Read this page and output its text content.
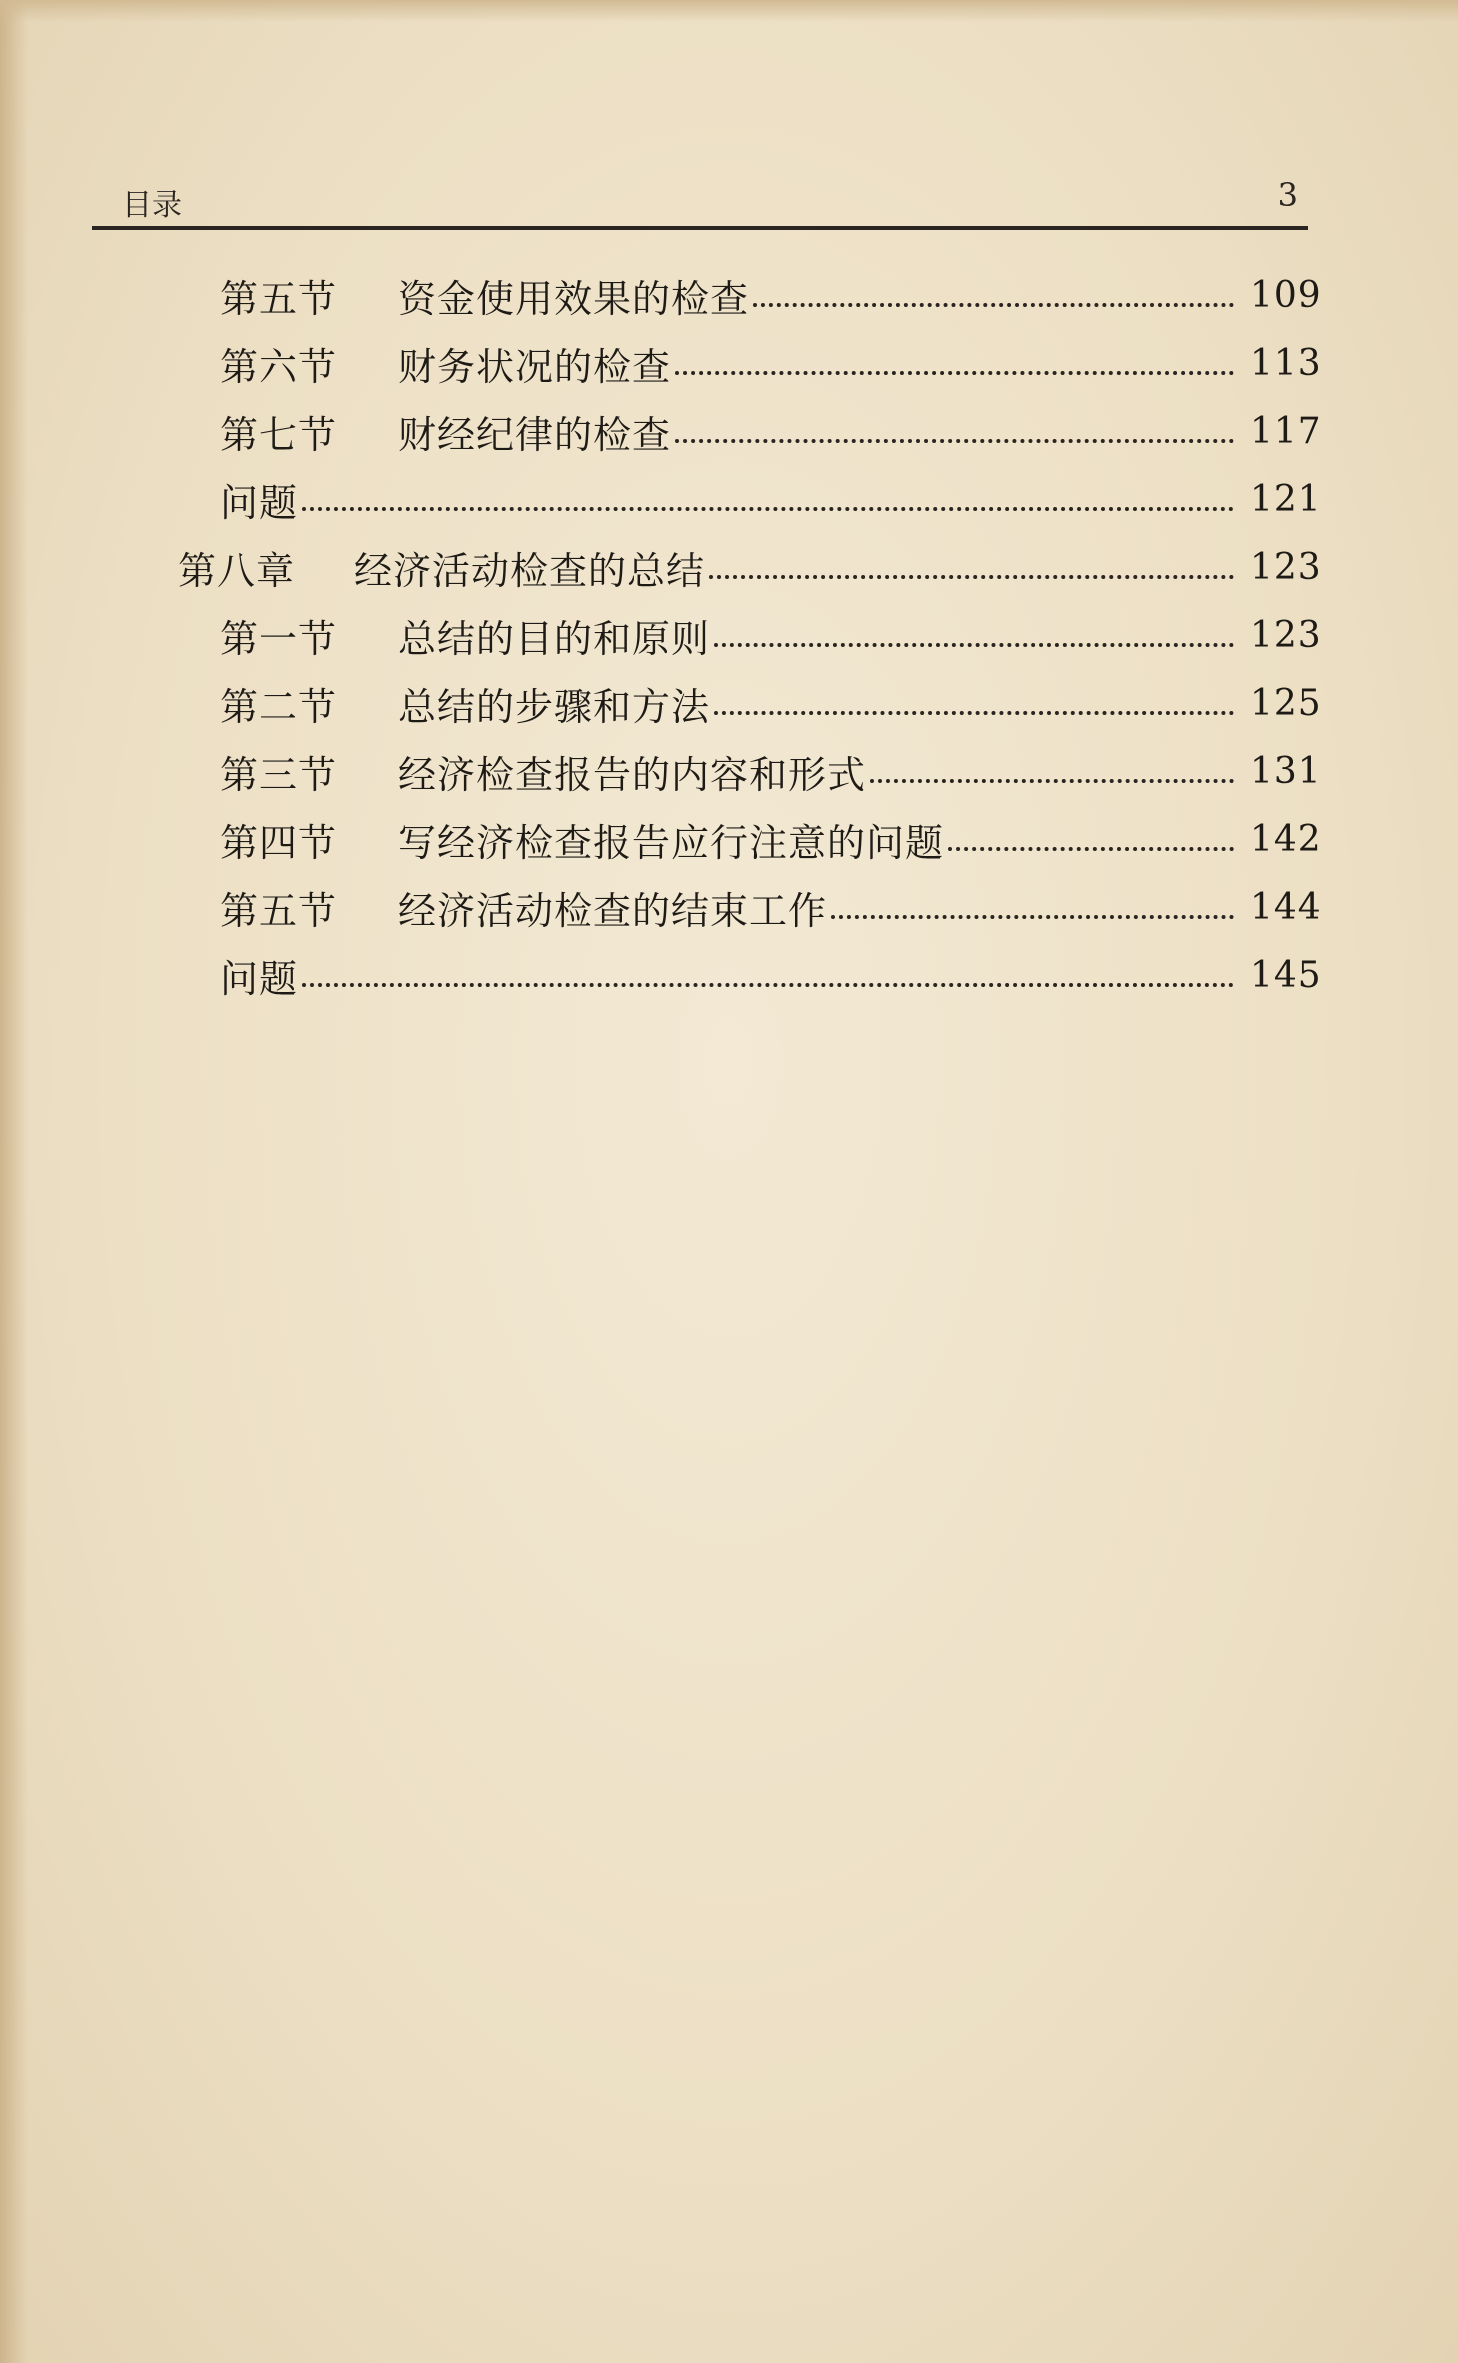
目录	3
第五节 资金使用效果的检查	109
第六节 财务状况的检查	113
第七节 财经纪律的检查	117
问题	121
第八章 经济活动检查的总结	123
第一节 总结的目的和原则	123
第二节 总结的步骤和方法	125
第三节 经济检查报告的内容和形式	131
第四节 写经济检查报告应行注意的问题	142
第五节 经济活动检查的结束工作	144
问题	145
